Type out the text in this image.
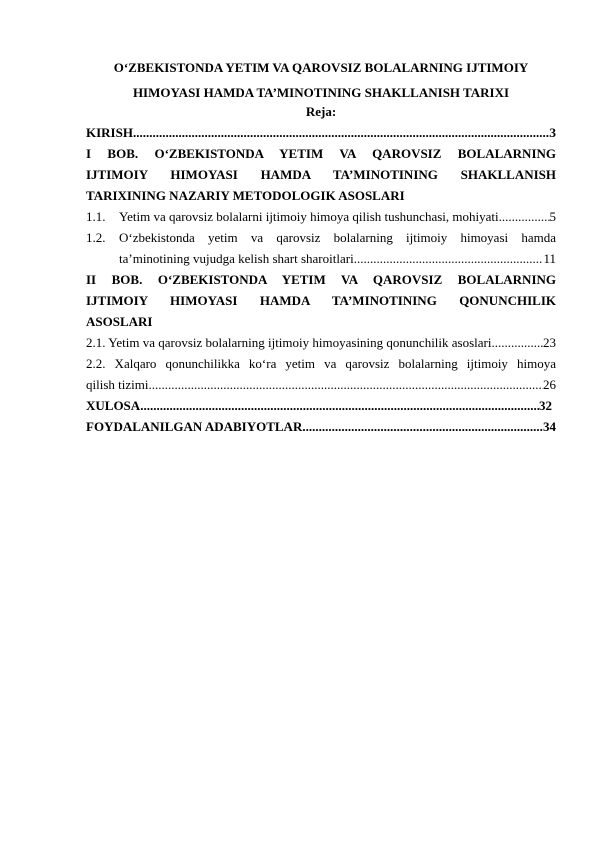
O‘ZBEKISTONDA YETIM VA QAROVSIZ BOLALARNING IJTIMOIY
HIMOYASI HAMDA TA’MINOTINING SHAKLLANISH TARIXI
Reja:
KIRISH .....	3
I BOB. O‘ZBEKISTONDA YETIM VA QAROVSIZ BOLALARNING
IJTIMOIY HIMOYASI HAMDA TA’MINOTINING SHAKLLANISH
TARIXINING NAZARIY METODOLOGIK ASOSLARI
1.1.	Yetim va qarovsiz bolalarni ijtimoiy himoya qilish tushunchasi, mohiyati .....	5
1.2.	O‘zbekistonda yetim va qarovsiz bolalarning ijtimoiy himoyasi hamda
ta’minotining vujudga kelish shart sharoitlari .....	11
II BOB. O‘ZBEKISTONDA YETIM VA QAROVSIZ BOLALARNING
IJTIMOIY HIMOYASI HAMDA TA’MINOTINING QONUNCHILIK
ASOSLARI
2.1. Yetim va qarovsiz bolalarning ijtimoiy himoyasining qonunchilik asoslari .....	23
2.2. Xalqaro qonunchilikka ko‘ra yetim va qarovsiz bolalarning ijtimoiy himoya
qilish tizimi .....	26
XULOSA .....	32
FOYDALANILGAN ADABIYOTLAR .....	34
